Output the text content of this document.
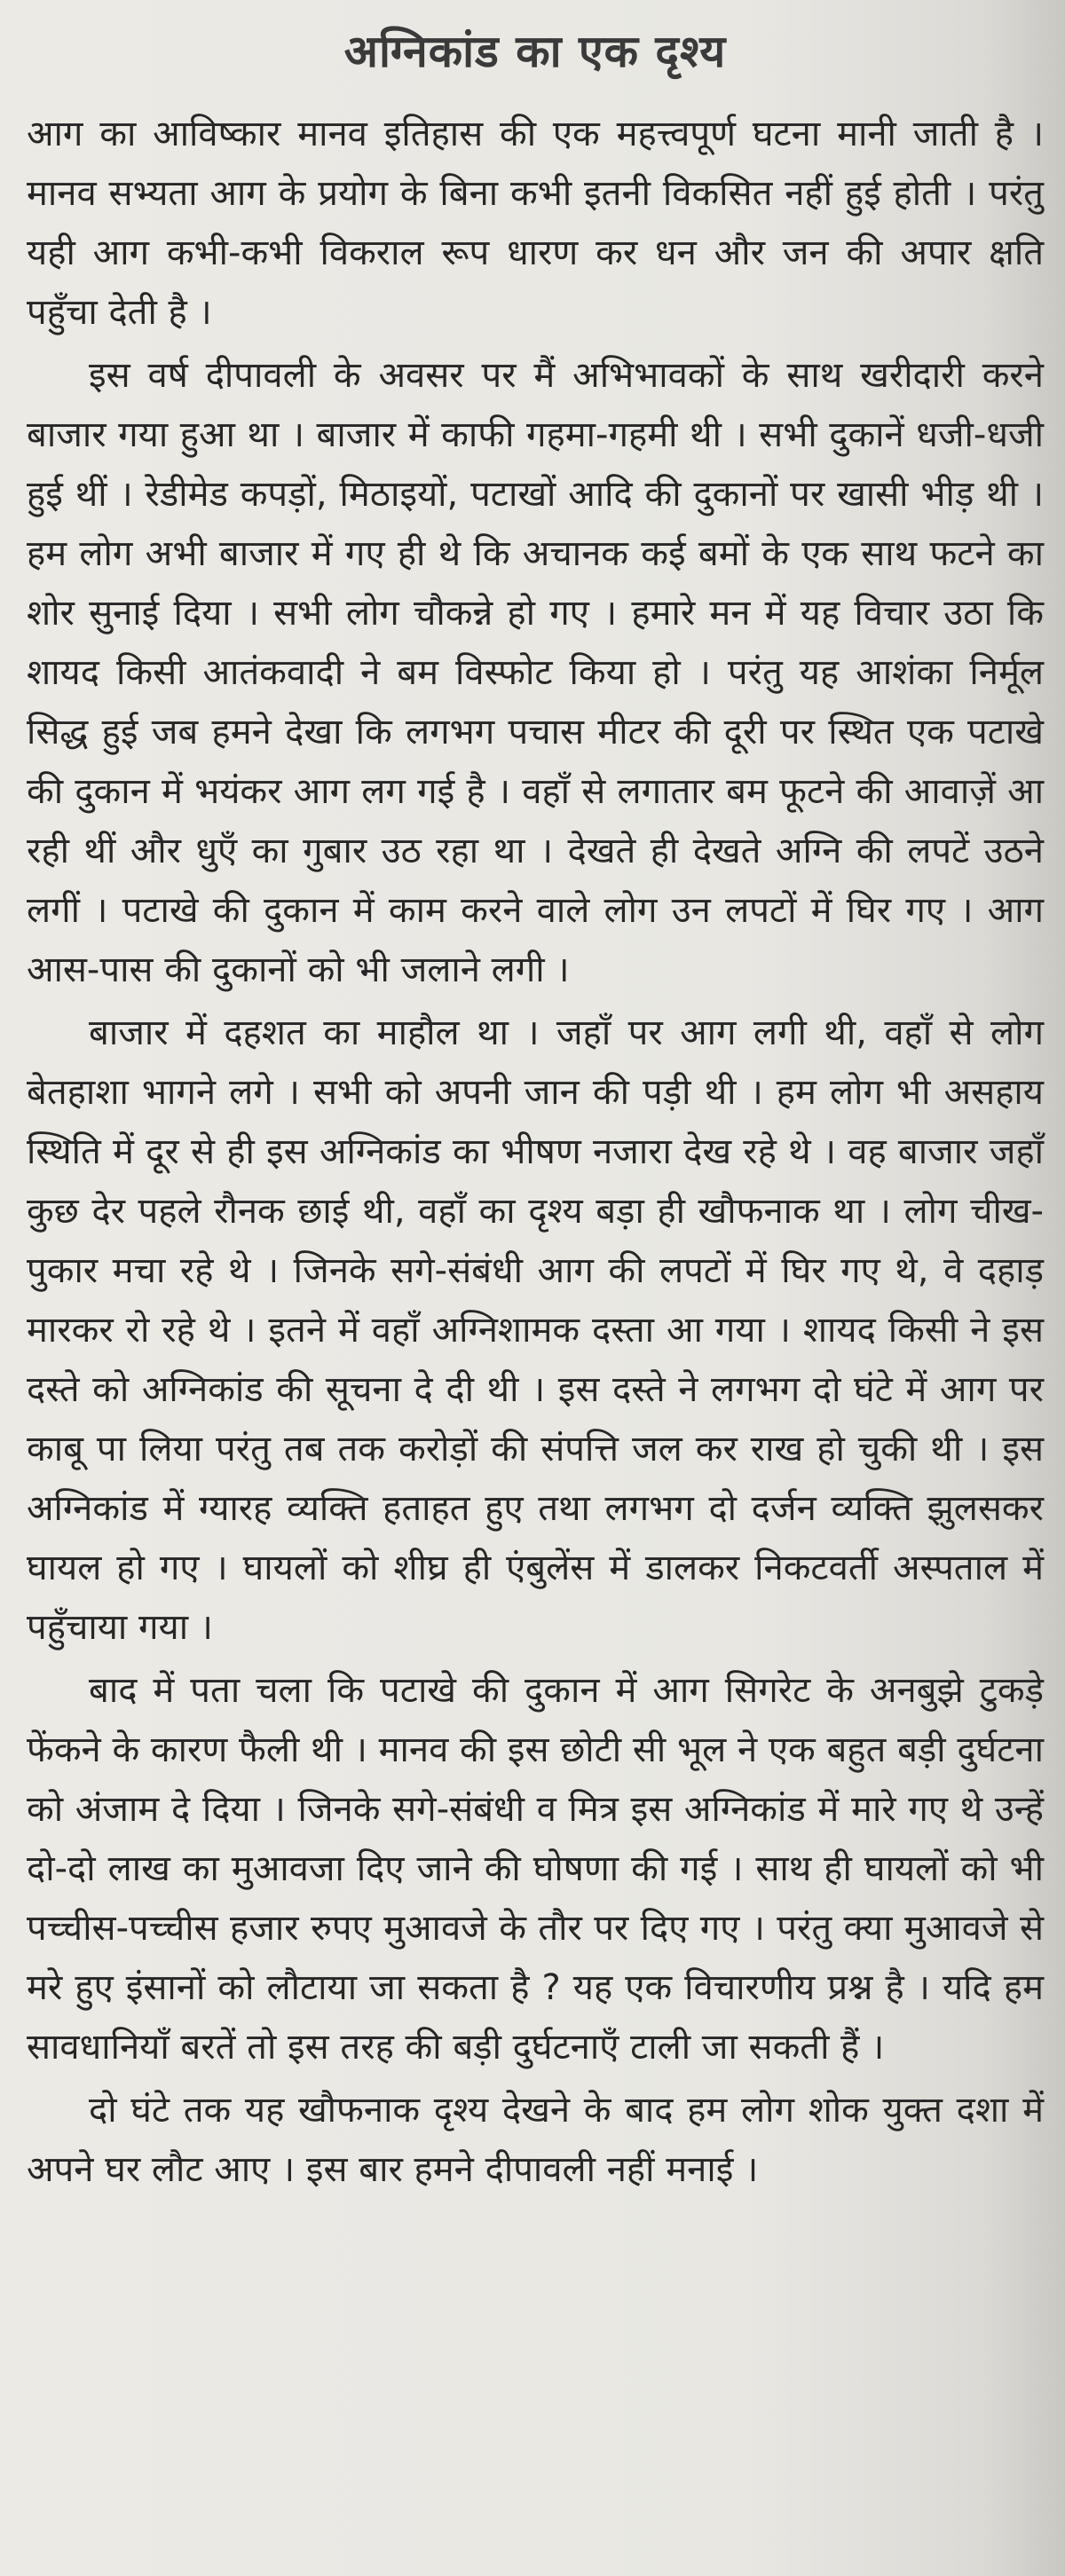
अग्निकांड का एक दृश्य

आग का आविष्कार मानव इतिहास की एक महत्त्वपूर्ण घटना मानी जाती है । मानव सभ्यता आग के प्रयोग के बिना कभी इतनी विकसित नहीं हुई होती । परंतु यही आग कभी-कभी विकराल रूप धारण कर धन और जन की अपार क्षति पहुँचा देती है ।

इस वर्ष दीपावली के अवसर पर मैं अभिभावकों के साथ खरीदारी करने बाजार गया हुआ था । बाजार में काफी गहमा-गहमी थी । सभी दुकानें धजी-धजी हुई थीं । रेडीमेड कपड़ों, मिठाइयों, पटाखों आदि की दुकानों पर खासी भीड़ थी । हम लोग अभी बाजार में गए ही थे कि अचानक कई बमों के एक साथ फटने का शोर सुनाई दिया । सभी लोग चौकन्ने हो गए । हमारे मन में यह विचार उठा कि शायद किसी आतंकवादी ने बम विस्फोट किया हो । परंतु यह आशंका निर्मूल सिद्ध हुई जब हमने देखा कि लगभग पचास मीटर की दूरी पर स्थित एक पटाखे की दुकान में भयंकर आग लग गई है । वहाँ से लगातार बम फूटने की आवाज़ें आ रही थीं और धुएँ का गुबार उठ रहा था । देखते ही देखते अग्नि की लपटें उठने लगीं । पटाखे की दुकान में काम करने वाले लोग उन लपटों में घिर गए । आग आस-पास की दुकानों को भी जलाने लगी ।

बाजार में दहशत का माहौल था । जहाँ पर आग लगी थी, वहाँ से लोग बेतहाशा भागने लगे । सभी को अपनी जान की पड़ी थी । हम लोग भी असहाय स्थिति में दूर से ही इस अग्निकांड का भीषण नजारा देख रहे थे । वह बाजार जहाँ कुछ देर पहले रौनक छाई थी, वहाँ का दृश्य बड़ा ही खौफनाक था । लोग चीख-पुकार मचा रहे थे । जिनके सगे-संबंधी आग की लपटों में घिर गए थे, वे दहाड़ मारकर रो रहे थे । इतने में वहाँ अग्निशामक दस्ता आ गया । शायद किसी ने इस दस्ते को अग्निकांड की सूचना दे दी थी । इस दस्ते ने लगभग दो घंटे में आग पर काबू पा लिया परंतु तब तक करोड़ों की संपत्ति जल कर राख हो चुकी थी । इस अग्निकांड में ग्यारह व्यक्ति हताहत हुए तथा लगभग दो दर्जन व्यक्ति झुलसकर घायल हो गए । घायलों को शीघ्र ही एंबुलेंस में डालकर निकटवर्ती अस्पताल में पहुँचाया गया ।

बाद में पता चला कि पटाखे की दुकान में आग सिगरेट के अनबुझे टुकड़े फेंकने के कारण फैली थी । मानव की इस छोटी सी भूल ने एक बहुत बड़ी दुर्घटना को अंजाम दे दिया । जिनके सगे-संबंधी व मित्र इस अग्निकांड में मारे गए थे उन्हें दो-दो लाख का मुआवजा दिए जाने की घोषणा की गई । साथ ही घायलों को भी पच्चीस-पच्चीस हजार रुपए मुआवजे के तौर पर दिए गए । परंतु क्या मुआवजे से मरे हुए इंसानों को लौटाया जा सकता है ? यह एक विचारणीय प्रश्न है । यदि हम सावधानियाँ बरतें तो इस तरह की बड़ी दुर्घटनाएँ टाली जा सकती हैं ।

दो घंटे तक यह खौफनाक दृश्य देखने के बाद हम लोग शोक युक्त दशा में अपने घर लौट आए । इस बार हमने दीपावली नहीं मनाई ।
